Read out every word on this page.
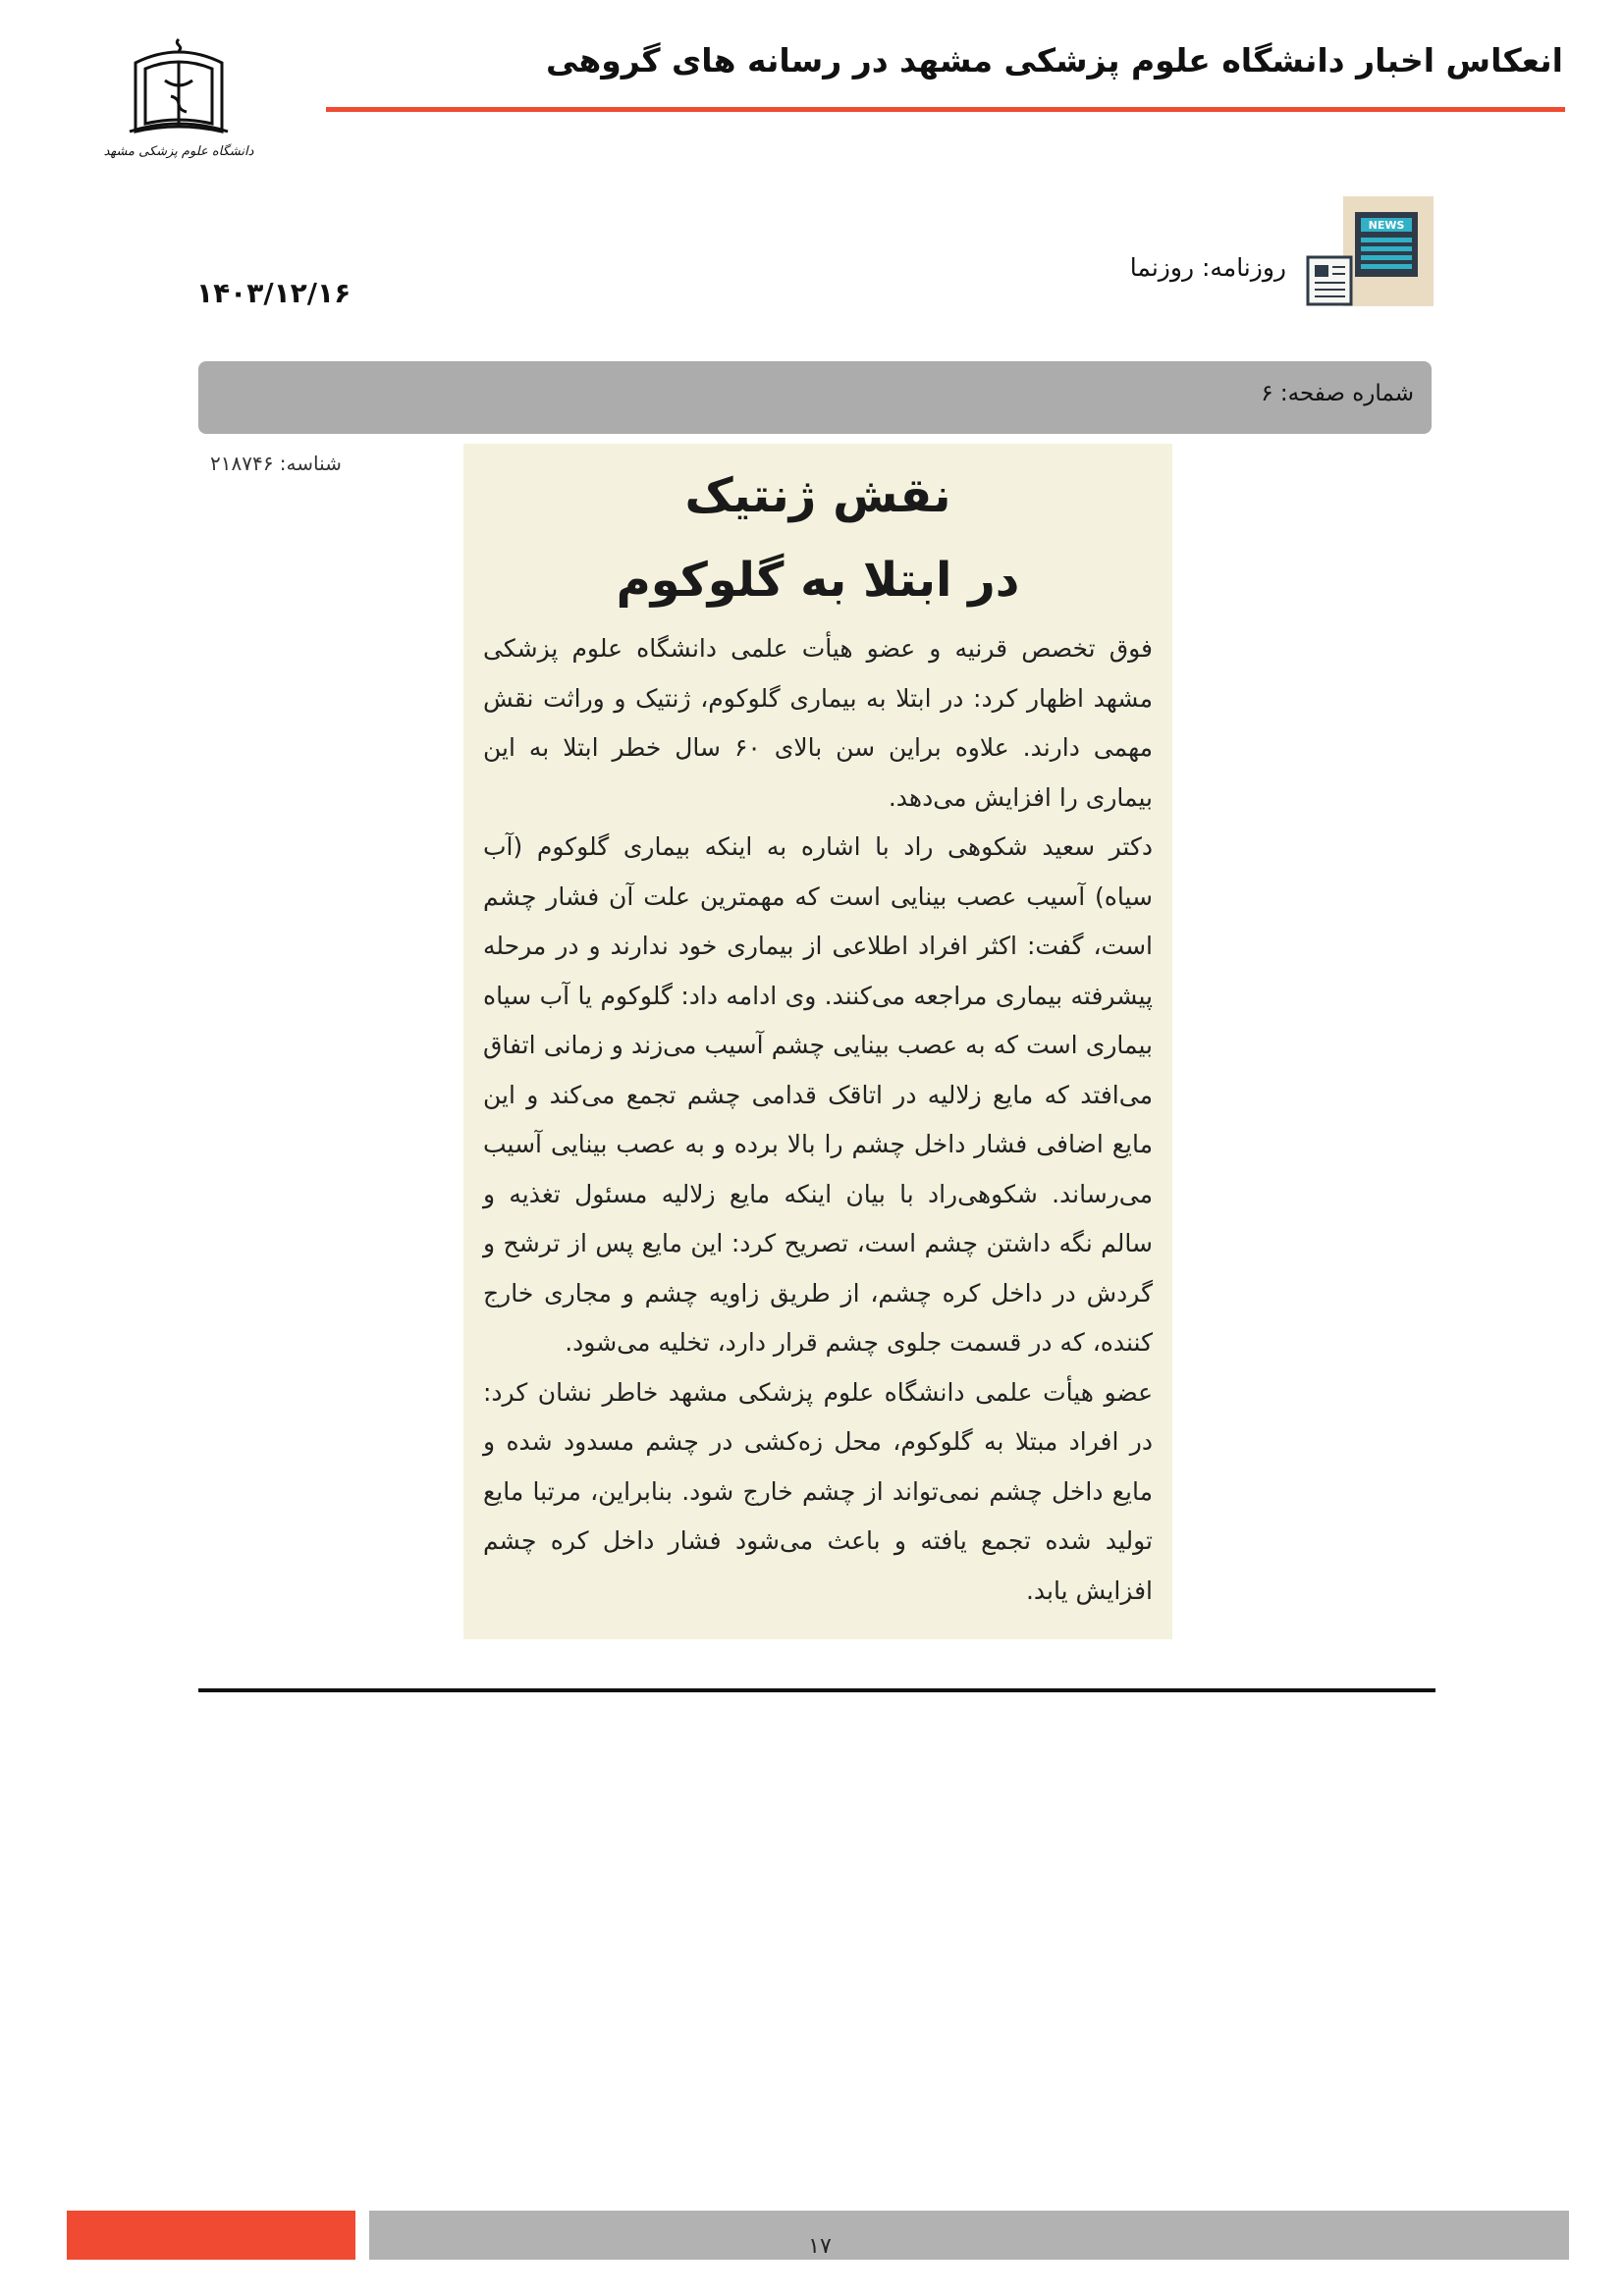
انعکاس اخبار دانشگاه علوم پزشکی مشهد در رسانه های گروهی
دانشگاه علوم پزشکی مشهد
NEWS
روزنامه: روزنما
۱۴۰۳/۱۲/۱۶
شماره صفحه: ۶
شناسه: ۲۱۸۷۴۶
نقش ژنتیک
در ابتلا به گلوکوم

فوق تخصص قرنیه و عضو هیأت علمی دانشگاه علوم پزشکی مشهد اظهار کرد: در ابتلا به بیماری گلوکوم، ژنتیک و وراثت نقش مهمی دارند. علاوه براین سن بالای ۶۰ سال خطر ابتلا به این بیماری را افزایش می‌دهد.

دکتر سعید شکوهی راد با اشاره به اینکه بیماری گلوکوم (آب سیاه) آسیب عصب بینایی است که مهمترین علت آن فشار چشم است، گفت: اکثر افراد اطلاعی از بیماری خود ندارند و در مرحله پیشرفته بیماری مراجعه می‌کنند. وی ادامه داد: گلوکوم یا آب سیاه بیماری است که به عصب بینایی چشم آسیب می‌زند و زمانی اتفاق می‌افتد که مایع زلالیه در اتاقک قدامی چشم تجمع می‌کند و این مایع اضافی فشار داخل چشم را بالا برده و به عصب بینایی آسیب می‌رساند. شکوهی‌راد با بیان اینکه مایع زلالیه مسئول تغذیه و سالم نگه داشتن چشم است، تصریح کرد: این مایع پس از ترشح و گردش در داخل کره چشم، از طریق زاویه چشم و مجاری خارج کننده، که در قسمت جلوی چشم قرار دارد، تخلیه می‌شود.

عضو هیأت علمی دانشگاه علوم پزشکی مشهد خاطر نشان کرد: در افراد مبتلا به گلوکوم، محل زه‌کشی در چشم مسدود شده و مایع داخل چشم نمی‌تواند از چشم خارج شود. بنابراین، مرتبا مایع تولید شده تجمع یافته و باعث می‌شود فشار داخل کره چشم افزایش یابد.

۱۷
